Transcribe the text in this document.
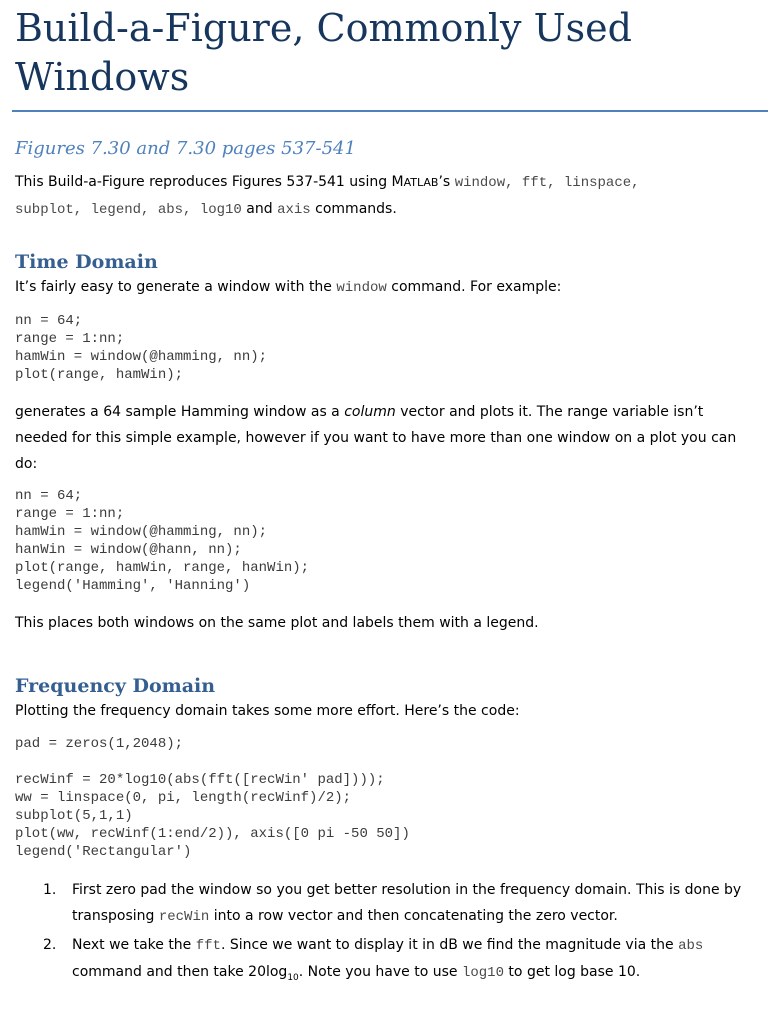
Build-a-Figure, Commonly Used Windows
Figures 7.30 and 7.30 pages 537-541
This Build-a-Figure reproduces Figures 537-541 using MATLAB’s window, fft, linspace,
subplot, legend, abs, log10 and axis commands.
Time Domain
It’s fairly easy to generate a window with the window command. For example:
nn = 64;
range = 1:nn;
hamWin = window(@hamming, nn);
plot(range, hamWin);
generates a 64 sample Hamming window as a column vector and plots it. The range variable isn’t
needed for this simple example, however if you want to have more than one window on a plot you can
do:
nn = 64;
range = 1:nn;
hamWin = window(@hamming, nn);
hanWin = window(@hann, nn);
plot(range, hamWin, range, hanWin);
legend('Hamming', 'Hanning')
This places both windows on the same plot and labels them with a legend.
Frequency Domain
Plotting the frequency domain takes some more effort. Here’s the code:
pad = zeros(1,2048);
recWinf = 20*log10(abs(fft([recWin' pad])));
ww = linspace(0, pi, length(recWinf)/2);
subplot(5,1,1)
plot(ww, recWinf(1:end/2)), axis([0 pi -50 50])
legend('Rectangular')
1. First zero pad the window so you get better resolution in the frequency domain. This is done by
transposing recWin into a row vector and then concatenating the zero vector.
2. Next we take the fft. Since we want to display it in dB we find the magnitude via the abs
command and then take $20\log_{10}$. Note you have to use log10 to get log base 10.
